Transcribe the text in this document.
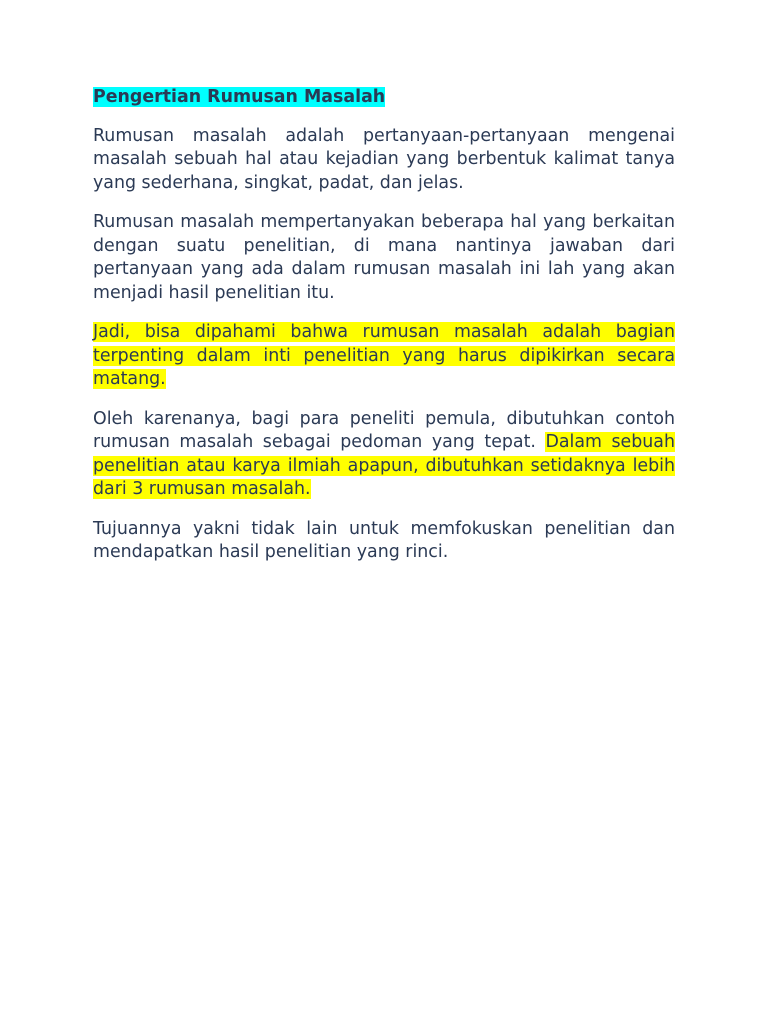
Pengertian Rumusan Masalah

Rumusan masalah adalah pertanyaan-pertanyaan mengenai masalah sebuah hal atau kejadian yang berbentuk kalimat tanya yang sederhana, singkat, padat, dan jelas.

Rumusan masalah mempertanyakan beberapa hal yang berkaitan dengan suatu penelitian, di mana nantinya jawaban dari pertanyaan yang ada dalam rumusan masalah ini lah yang akan menjadi hasil penelitian itu.

Jadi, bisa dipahami bahwa rumusan masalah adalah bagian terpenting dalam inti penelitian yang harus dipikirkan secara matang.

Oleh karenanya, bagi para peneliti pemula, dibutuhkan contoh rumusan masalah sebagai pedoman yang tepat. Dalam sebuah penelitian atau karya ilmiah apapun, dibutuhkan setidaknya lebih dari 3 rumusan masalah.

Tujuannya yakni tidak lain untuk memfokuskan penelitian dan mendapatkan hasil penelitian yang rinci.
